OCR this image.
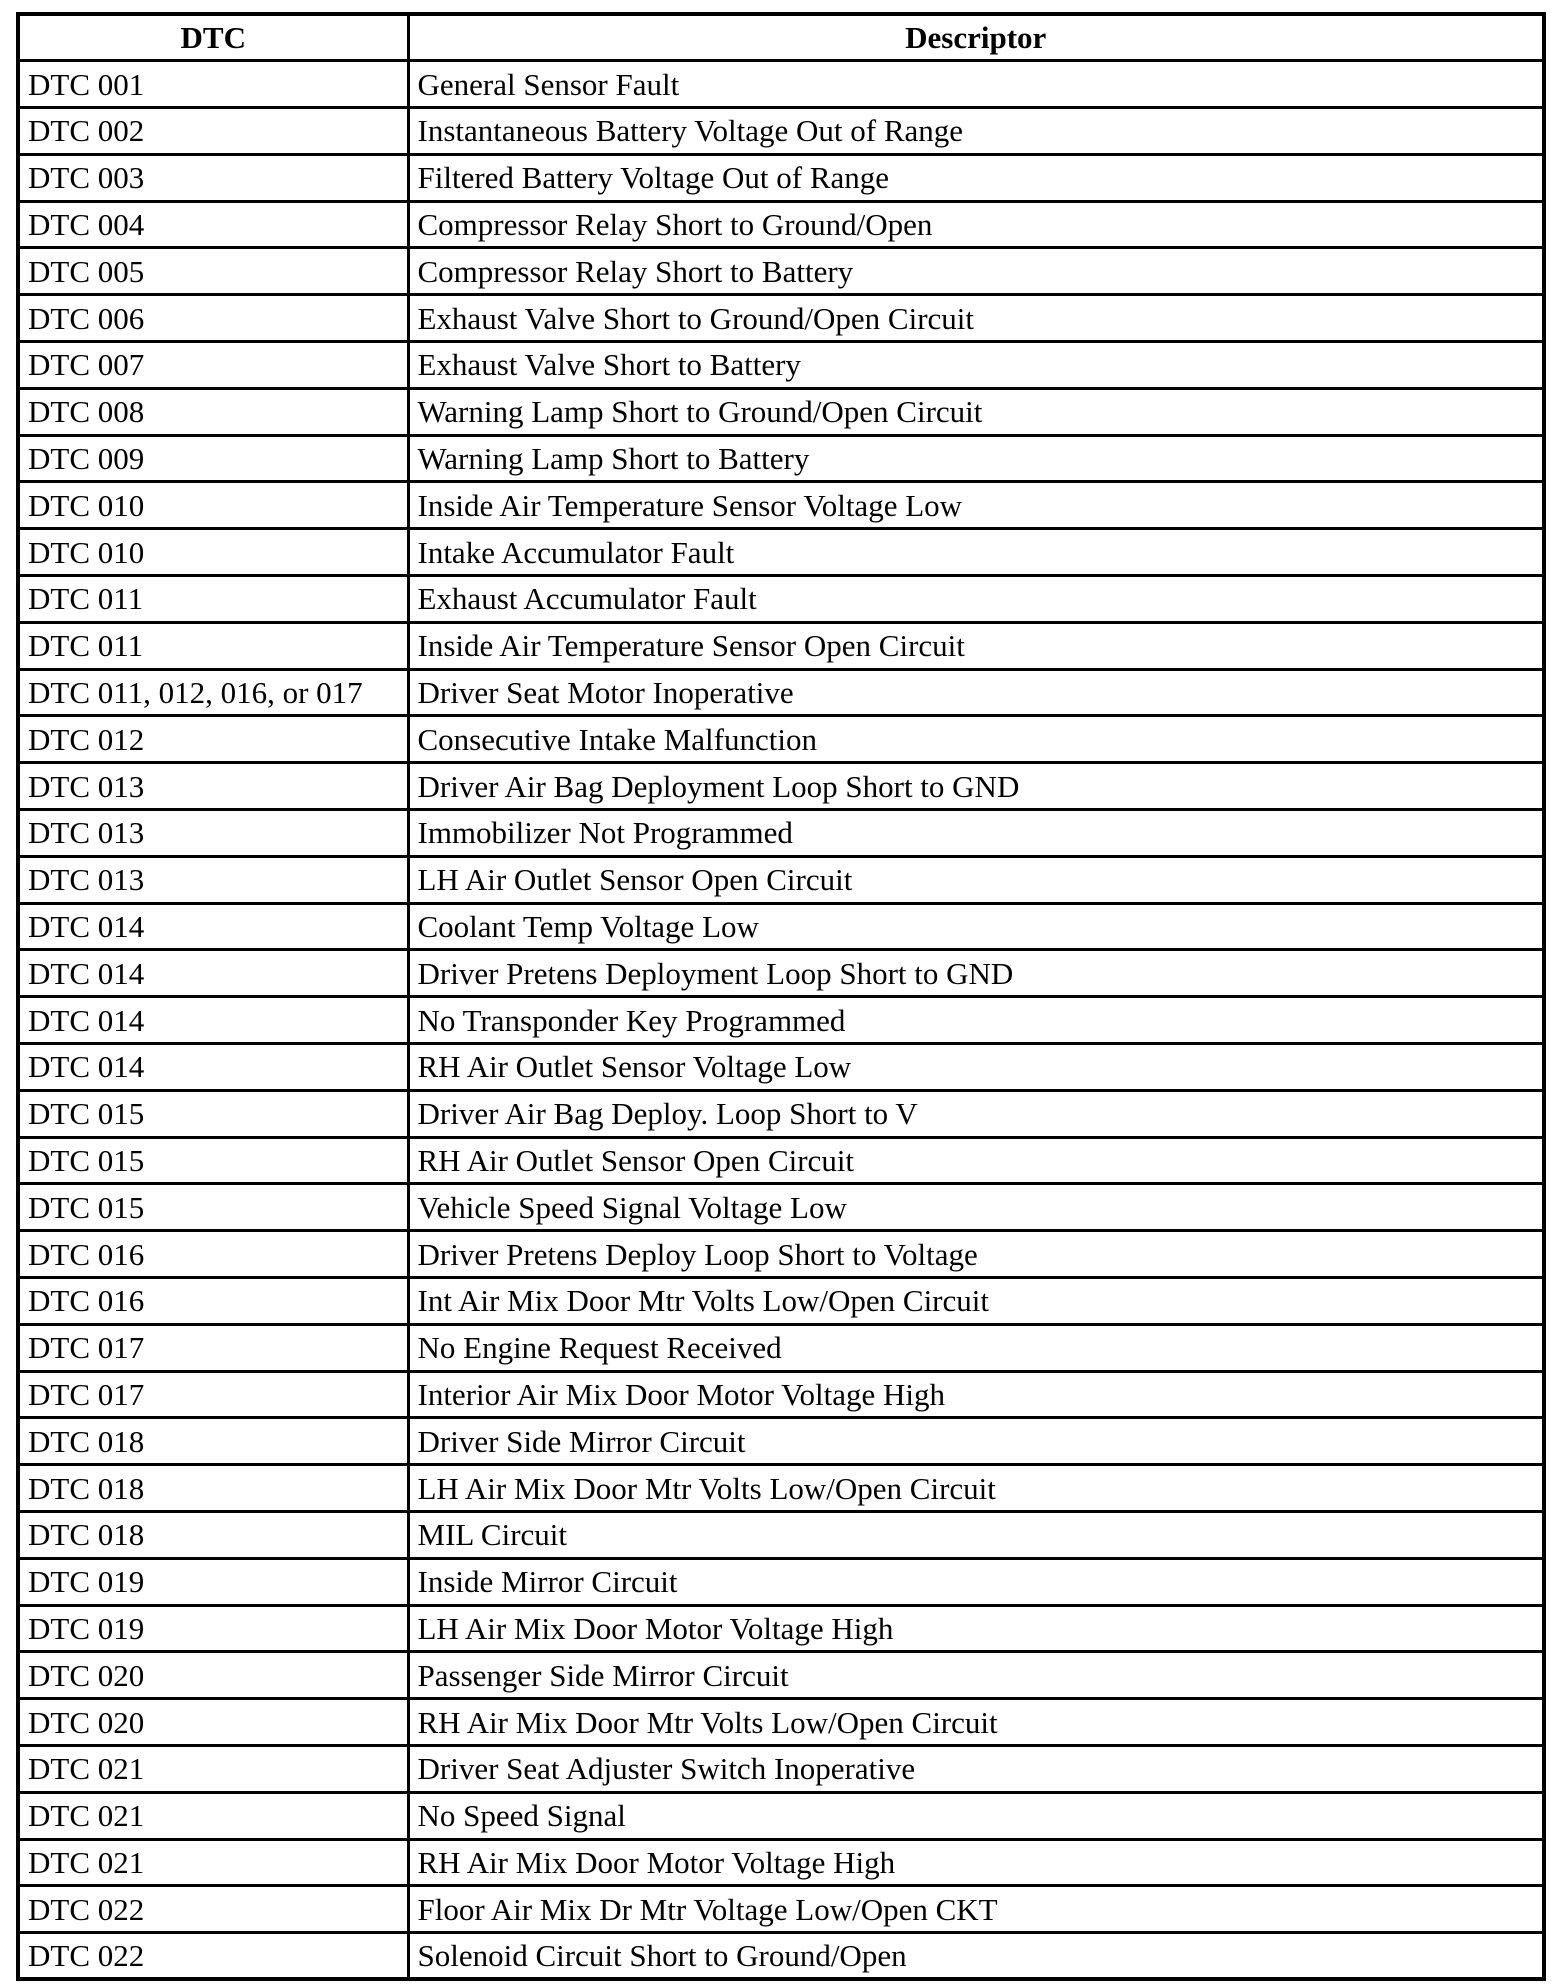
DTC	Descriptor
DTC 001	General Sensor Fault
DTC 002	Instantaneous Battery Voltage Out of Range
DTC 003	Filtered Battery Voltage Out of Range
DTC 004	Compressor Relay Short to Ground/Open
DTC 005	Compressor Relay Short to Battery
DTC 006	Exhaust Valve Short to Ground/Open Circuit
DTC 007	Exhaust Valve Short to Battery
DTC 008	Warning Lamp Short to Ground/Open Circuit
DTC 009	Warning Lamp Short to Battery
DTC 010	Inside Air Temperature Sensor Voltage Low
DTC 010	Intake Accumulator Fault
DTC 011	Exhaust Accumulator Fault
DTC 011	Inside Air Temperature Sensor Open Circuit
DTC 011, 012, 016, or 017	Driver Seat Motor Inoperative
DTC 012	Consecutive Intake Malfunction
DTC 013	Driver Air Bag Deployment Loop Short to GND
DTC 013	Immobilizer Not Programmed
DTC 013	LH Air Outlet Sensor Open Circuit
DTC 014	Coolant Temp Voltage Low
DTC 014	Driver Pretens Deployment Loop Short to GND
DTC 014	No Transponder Key Programmed
DTC 014	RH Air Outlet Sensor Voltage Low
DTC 015	Driver Air Bag Deploy. Loop Short to V
DTC 015	RH Air Outlet Sensor Open Circuit
DTC 015	Vehicle Speed Signal Voltage Low
DTC 016	Driver Pretens Deploy Loop Short to Voltage
DTC 016	Int Air Mix Door Mtr Volts Low/Open Circuit
DTC 017	No Engine Request Received
DTC 017	Interior Air Mix Door Motor Voltage High
DTC 018	Driver Side Mirror Circuit
DTC 018	LH Air Mix Door Mtr Volts Low/Open Circuit
DTC 018	MIL Circuit
DTC 019	Inside Mirror Circuit
DTC 019	LH Air Mix Door Motor Voltage High
DTC 020	Passenger Side Mirror Circuit
DTC 020	RH Air Mix Door Mtr Volts Low/Open Circuit
DTC 021	Driver Seat Adjuster Switch Inoperative
DTC 021	No Speed Signal
DTC 021	RH Air Mix Door Motor Voltage High
DTC 022	Floor Air Mix Dr Mtr Voltage Low/Open CKT
DTC 022	Solenoid Circuit Short to Ground/Open
